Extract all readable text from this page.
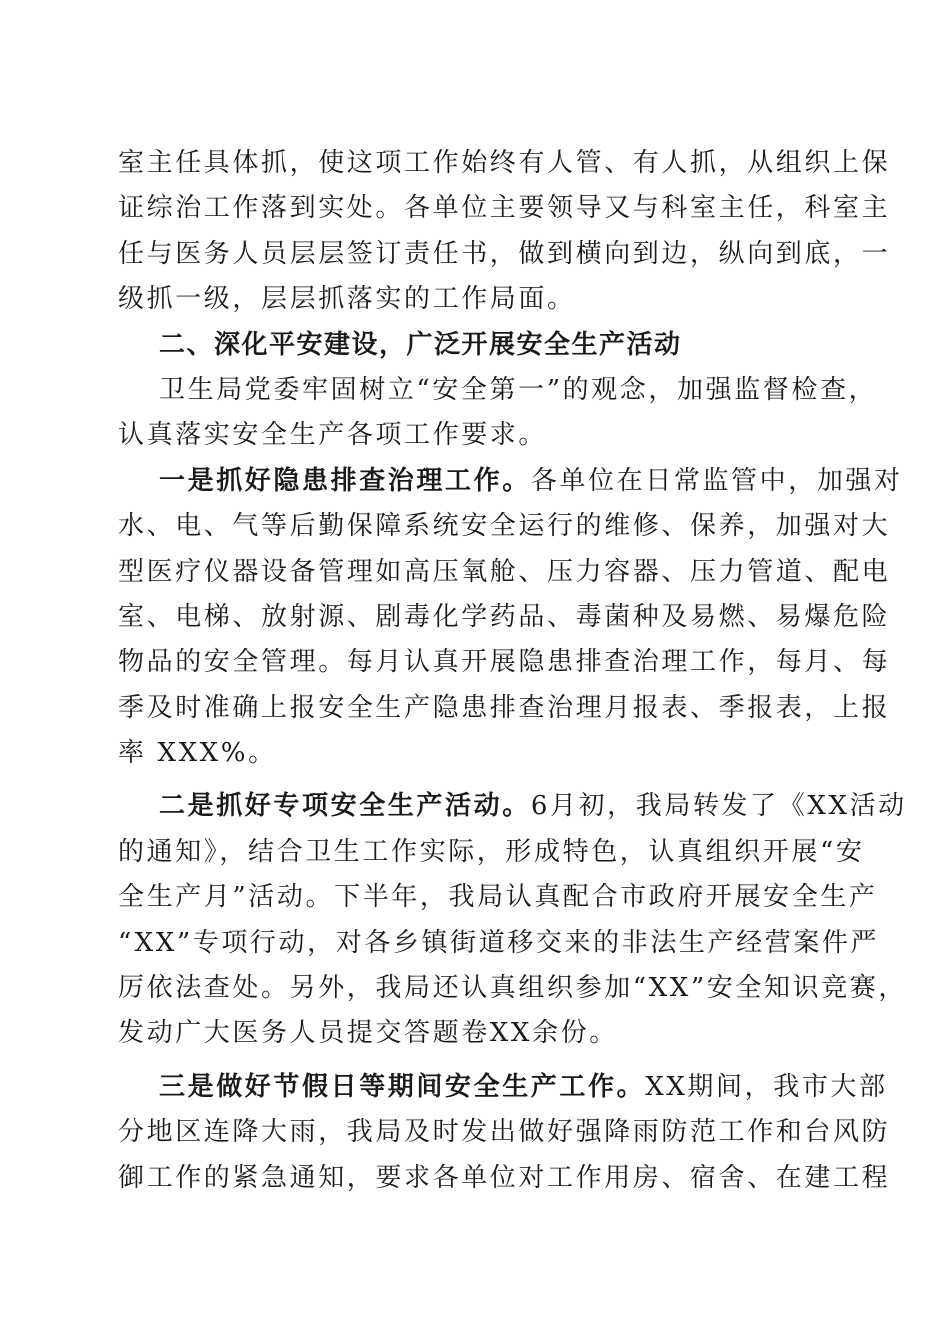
室主任具体抓，使这项工作始终有人管、有人抓，从组织上保
证综治工作落到实处。各单位主要领导又与科室主任，科室主
任与医务人员层层签订责任书，做到横向到边，纵向到底，一
级抓一级，层层抓落实的工作局面。
二、深化平安建设，广泛开展安全生产活动
卫生局党委牢固树立“安全第一”的观念，加强监督检查，
认真落实安全生产各项工作要求。
一是抓好隐患排查治理工作。各单位在日常监管中，加强对
水、电、气等后勤保障系统安全运行的维修、保养，加强对大
型医疗仪器设备管理如高压氧舱、压力容器、压力管道、配电
室、电梯、放射源、剧毒化学药品、毒菌种及易燃、易爆危险
物品的安全管理。每月认真开展隐患排查治理工作，每月、每
季及时准确上报安全生产隐患排查治理月报表、季报表，上报
率 XXX%。
二是抓好专项安全生产活动。6月初，我局转发了《XX活动
的通知》，结合卫生工作实际，形成特色，认真组织开展“安
全生产月”活动。下半年，我局认真配合市政府开展安全生产
“XX”专项行动，对各乡镇街道移交来的非法生产经营案件严
厉依法查处。另外，我局还认真组织参加“XX”安全知识竞赛，
发动广大医务人员提交答题卷XX余份。
三是做好节假日等期间安全生产工作。XX期间，我市大部
分地区连降大雨，我局及时发出做好强降雨防范工作和台风防
御工作的紧急通知，要求各单位对工作用房、宿舍、在建工程
